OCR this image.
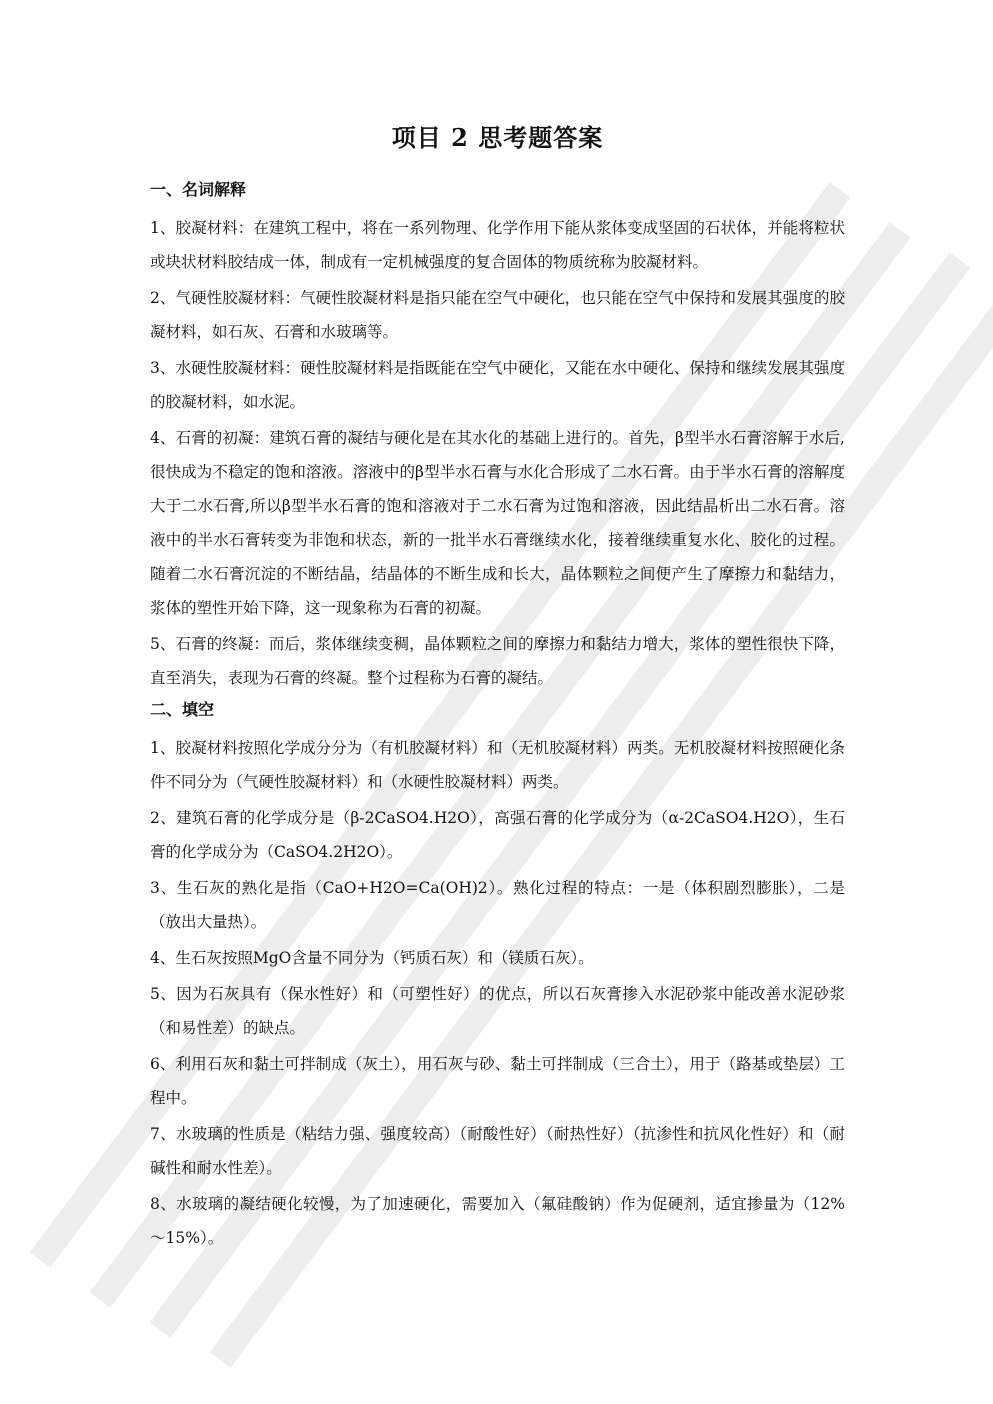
项目 2 思考题答案
一、名词解释

1、胶凝材料：在建筑工程中，将在一系列物理、化学作用下能从浆体变成坚固的石状体，并能将粒状或块状材料胶结成一体，制成有一定机械强度的复合固体的物质统称为胶凝材料。

2、气硬性胶凝材料：气硬性胶凝材料是指只能在空气中硬化，也只能在空气中保持和发展其强度的胶凝材料，如石灰、石膏和水玻璃等。

3、水硬性胶凝材料：硬性胶凝材料是指既能在空气中硬化，又能在水中硬化、保持和继续发展其强度的胶凝材料，如水泥。

4、石膏的初凝：建筑石膏的凝结与硬化是在其水化的基础上进行的。首先，β型半水石膏溶解于水后,很快成为不稳定的饱和溶液。溶液中的β型半水石膏与水化合形成了二水石膏。由于半水石膏的溶解度大于二水石膏,所以β型半水石膏的饱和溶液对于二水石膏为过饱和溶液，因此结晶析出二水石膏。溶液中的半水石膏转变为非饱和状态，新的一批半水石膏继续水化，接着继续重复水化、胶化的过程。随着二水石膏沉淀的不断结晶，结晶体的不断生成和长大，晶体颗粒之间便产生了摩擦力和黏结力，浆体的塑性开始下降，这一现象称为石膏的初凝。

5、石膏的终凝：而后，浆体继续变稠，晶体颗粒之间的摩擦力和黏结力增大，浆体的塑性很快下降，直至消失，表现为石膏的终凝。整个过程称为石膏的凝结。

二、填空

1、胶凝材料按照化学成分分为（有机胶凝材料）和（无机胶凝材料）两类。无机胶凝材料按照硬化条件不同分为（气硬性胶凝材料）和（水硬性胶凝材料）两类。

2、建筑石膏的化学成分是（β-2CaSO4.H2O），高强石膏的化学成分为（α-2CaSO4.H2O），生石膏的化学成分为（CaSO4.2H2O）。

3、生石灰的熟化是指（CaO+H2O=Ca(OH)2）。熟化过程的特点：一是（体积剧烈膨胀），二是（放出大量热）。

4、生石灰按照MgO含量不同分为（钙质石灰）和（镁质石灰）。

5、因为石灰具有（保水性好）和（可塑性好）的优点，所以石灰膏掺入水泥砂浆中能改善水泥砂浆（和易性差）的缺点。

6、利用石灰和黏土可拌制成（灰土），用石灰与砂、黏土可拌制成（三合土），用于（路基或垫层）工程中。

7、水玻璃的性质是（粘结力强、强度较高）（耐酸性好）（耐热性好）（抗渗性和抗风化性好）和（耐碱性和耐水性差）。

8、水玻璃的凝结硬化较慢，为了加速硬化，需要加入（氟硅酸钠）作为促硬剂，适宜掺量为（12%～15%）。
